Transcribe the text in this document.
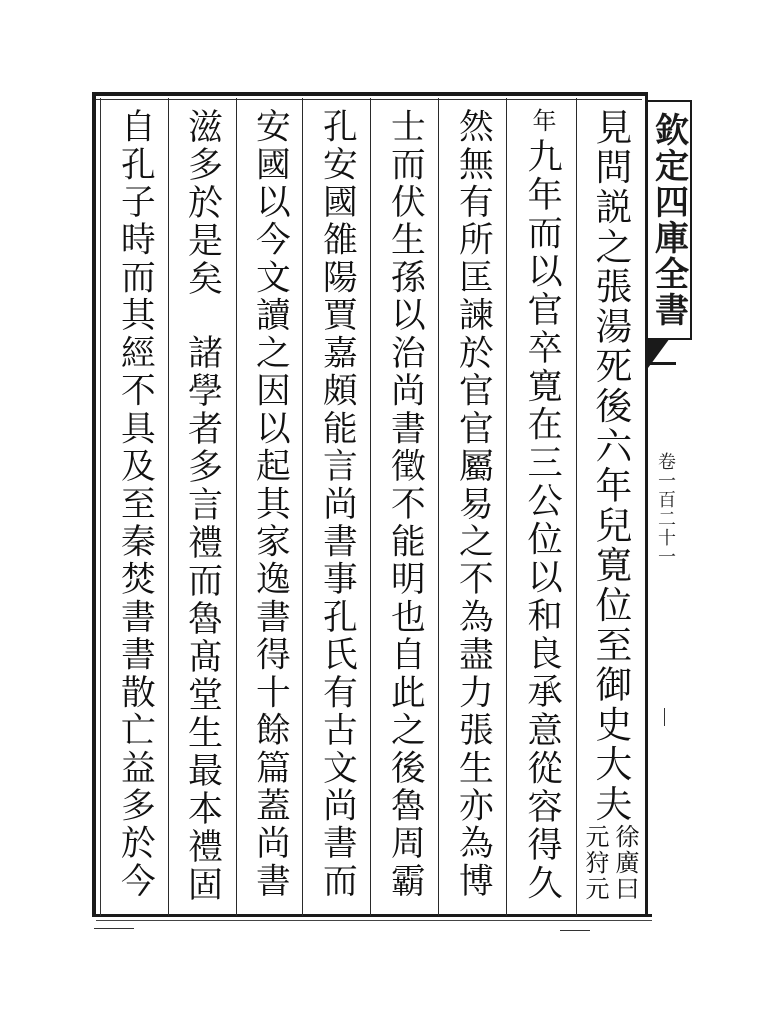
見問説之張湯死後六年兒寛位至御史大夫
徐廣曰
元狩元
年
九年而以官卒寛在三公位以和良承意從容得久
然無有所匡諫於官官屬易之不為盡力張生亦為博
士而伏生孫以治尚書徵不能明也自此之後魯周霸
孔安國雒陽賈嘉頗能言尚書事孔氏有古文尚書而
安國以今文讀之因以起其家逸書得十餘篇蓋尚書
滋多於是矣
諸學者多言禮而魯髙堂生最本禮固
自孔子時而其經不具及至秦焚書書散亡益多於今	欽定四庫全書
卷一百二十一
